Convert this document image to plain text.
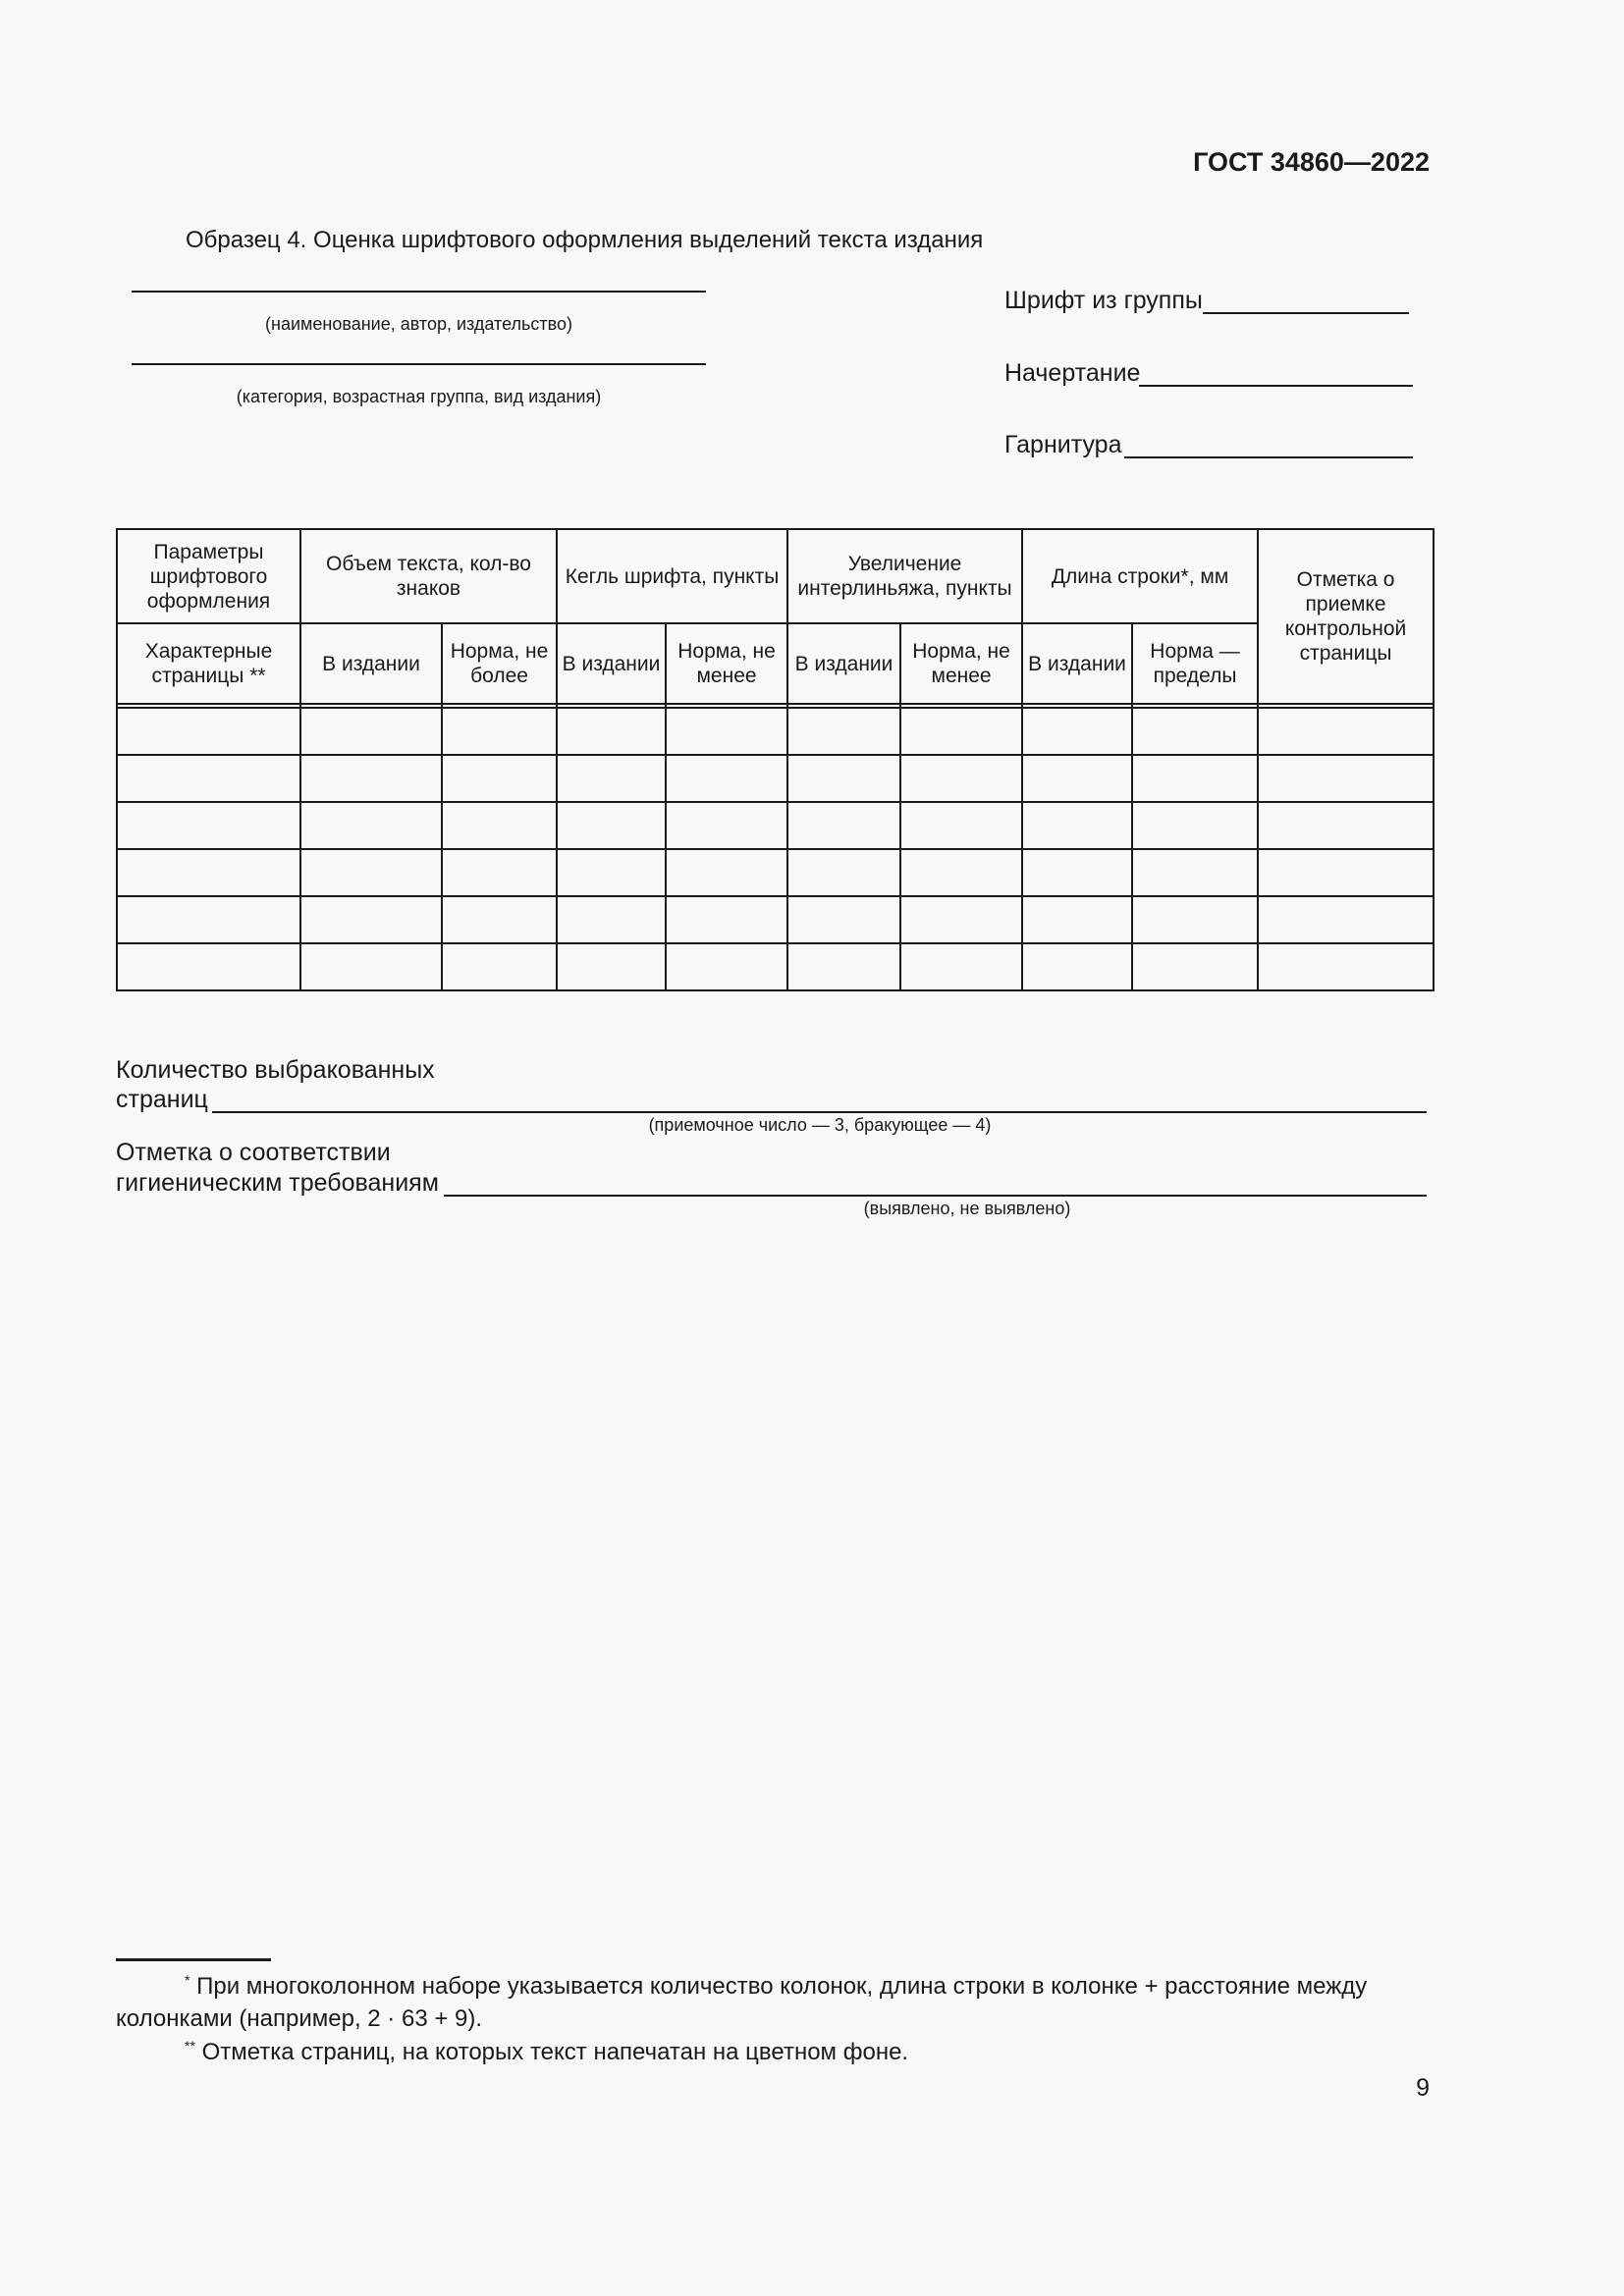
ГОСТ 34860—2022
Образец 4. Оценка шрифтового оформления выделений текста издания
(наименование, автор, издательство)
(категория, возрастная группа, вид издания)
Шрифт из группы
Начертание
Гарнитура
Параметры шрифтового оформления	Объем текста, кол-во знаков		Кегль шрифта, пункты		Увеличение интерлиньяжа, пункты		Длина строки*, мм		Отметка о приемке контрольной страницы
Характерные страницы **	В издании	Норма, не более	В издании	Норма, не менее	В издании	Норма, не менее	В издании	Норма — пределы	

Количество выбракованных
страниц
(приемочное число — 3, бракующее — 4)
Отметка о соответствии
гигиеническим требованиям
(выявлено, не выявлено)
* При многоколонном наборе указывается количество колонок, длина строки в колонке + расстояние между
колонками (например, 2 · 63 + 9).
** Отметка страниц, на которых текст напечатан на цветном фоне.
9
